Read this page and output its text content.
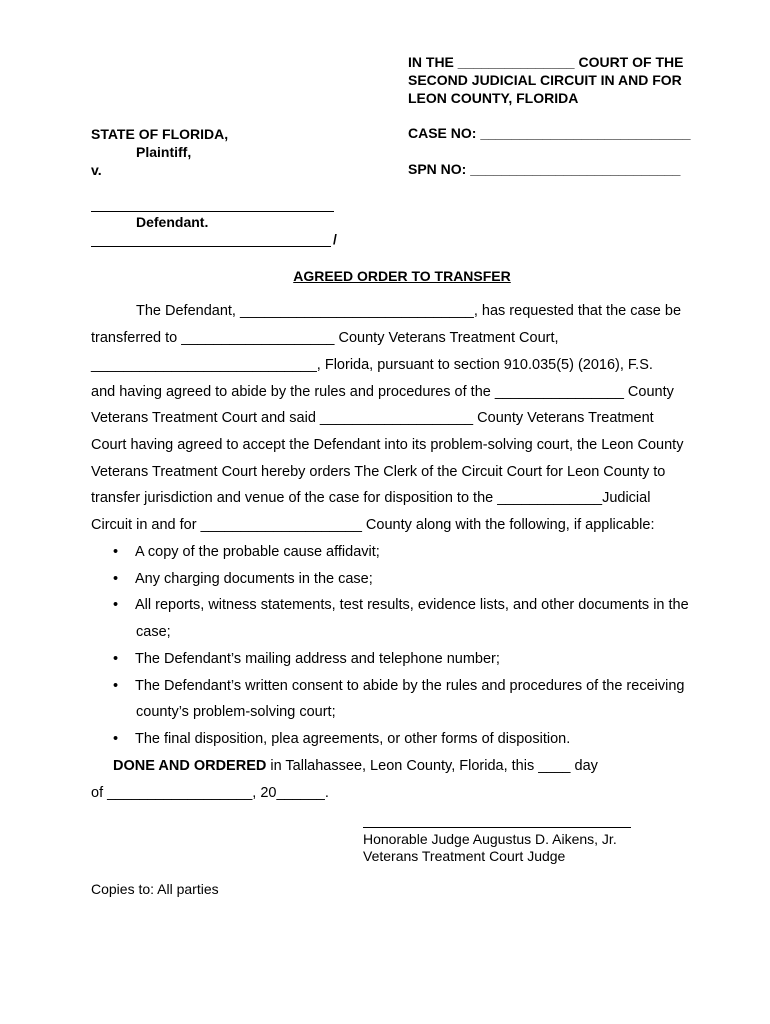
IN THE _______________ COURT OF THE
SECOND JUDICIAL CIRCUIT IN AND FOR
LEON COUNTY, FLORIDA
STATE OF FLORIDA,
Plaintiff,
CASE NO: ___________________________
SPN NO: ___________________________
v.
Defendant.
/
AGREED ORDER TO TRANSFER
The Defendant, _____________________________, has requested that the case be
transferred to ___________________ County Veterans Treatment Court,
____________________________, Florida, pursuant to section 910.035(5) (2016), F.S.
and having agreed to abide by the rules and procedures of the ________________ County
Veterans Treatment Court and said ___________________ County Veterans Treatment
Court having agreed to accept the Defendant into its problem-solving court, the Leon County
Veterans Treatment Court hereby orders The Clerk of the Circuit Court for Leon County to
transfer jurisdiction and venue of the case for disposition to the _____________Judicial
Circuit in and for ____________________ County along with the following, if applicable:
• A copy of the probable cause affidavit;
• Any charging documents in the case;
• All reports, witness statements, test results, evidence lists, and other documents in the
case;
• The Defendant’s mailing address and telephone number;
• The Defendant’s written consent to abide by the rules and procedures of the receiving
county’s problem-solving court;
• The final disposition, plea agreements, or other forms of disposition.
DONE AND ORDERED in Tallahassee, Leon County, Florida, this ____ day
of __________________, 20______.
Honorable Judge Augustus D. Aikens, Jr.
Veterans Treatment Court Judge
Copies to: All parties
